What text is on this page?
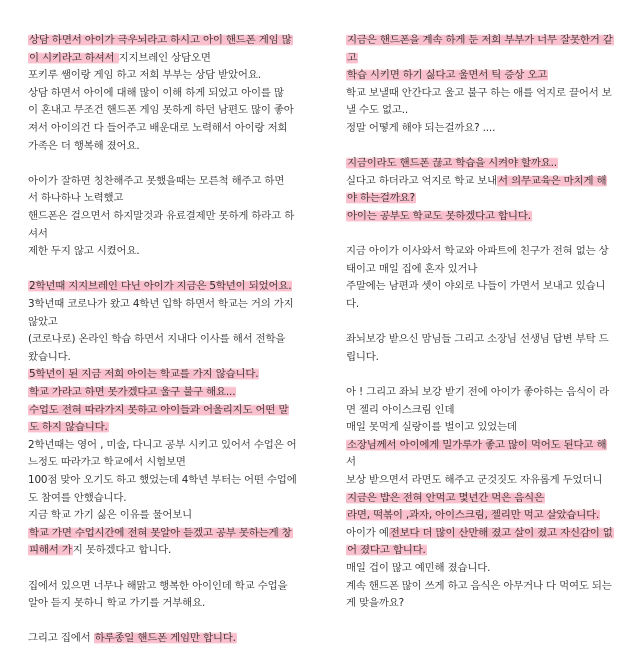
상담 하면서 아이가 극우뇌라고 하시고 아이 핸드폰 게임 많
이 시키라고 하셔서 지지브레인 상담오면
포키루 쌤이랑 게임 하고 저희 부부는 상담 받았어요.
상담 하면서 아이에 대해 많이 이해 하게 되었고 아이를 많
이 혼내고 무조건 핸드폰 게임 못하게 하던 남편도 많이 좋아
져서 아이의건 다 들어주고 배운대로 노력해서 아이랑 저희
가족은 더 행복해 졌어요.
아이가 잘하면 칭찬해주고 못했을때는 모른척 해주고 하면
서 하나하나 노력했고
핸드폰은 걸으면서 하지말것과 유료결제만 못하게 하라고 하
셔서
제한 두지 않고 시켰어요.
2학년때 지지브레인 다닌 아이가 지금은 5학년이 되었어요.
3학년때 코로나가 왔고 4학년 입학 하면서 학교는 거의 가지
않았고
(코로나로) 온라인 학습 하면서 지내다 이사를 해서 전학을
왔습니다.
5학년이 된 지금 저희 아이는 학교를 가지 않습니다.
학교 가라고 하면 못가겠다고 울구 불구 해요...
수업도 전혀 따라가지 못하고 아이들과 어울리지도 어떤 말
도 하지 않습니다.
2학년때는 영어 , 미술, 다니고 공부 시키고 있어서 수업은 어
느정도 따라가고 학교에서 시험보면
100점 맞아 오기도 하고 했었는데 4학년 부터는 어떤 수업에
도 참여를 안했습니다.
지금 학교 가기 싫은 이유를 물어보니
학교 가면 수업시간에 전혀 못알아 듣겠고 공부 못하는게 창
피해서 가지 못하겠다고 합니다.
집에서 있으면 너무나 해맑고 행복한 아이인데 학교 수업을
알아 듣지 못하니 학교 가기를 거부해요.
그리고 집에서 하루종일 핸드폰 게임만 합니다.
지금은 핸드폰을 계속 하게 둔 저희 부부가 너무 잘못한거 같
고
학습 시키면 하기 싫다고 울면서 틱 증상 오고
학교 보낼때 안간다고 울고 불구 하는 애를 억지로 끌어서 보
낼 수도 없고..
정말 어떻게 해야 되는걸까요? ....
지금이라도 핸드폰 끊고 학습을 시켜야 할까요..
실다고 하더라고 억지로 학교 보내서 의무교육은 마치게 해
야 하는걸까요?
아이는 공부도 학교도 못하겠다고 합니다.
지금 아이가 이사와서 학교와 아파트에 친구가 전혀 없는 상
태이고 매일 집에 혼자 있거나
주말에는 남편과 셋이 야외로 나들이 가면서 보내고 있습니
다.
좌뇌보강 받으신 맘님들 그리고 소장님 선생님 답변 부탁 드
립니다.
아 ! 그리고 좌뇌 보강 받기 전에 아이가 좋아하는 음식이 라
면 젤리 아이스크림 인데
매일 못먹게 실랑이를 벌이고 있었는데
소장님께서 아이에게 밀가루가 좋고 많이 먹어도 된다고 해
서
보상 받으면서 라면도 해주고 군것짓도 자유롭게 두었더니
지금은 밥은 전혀 안먹고 몇년간 먹은 음식은
라면, 떡볶이 ,과자, 아이스크림, 젤리만 먹고 살았습니다.
아이가 예전보다 더 많이 산만해 졌고 살이 졌고 자신감이 없
어 졌다고 합니다.
매일 겁이 많고 예민해 졌습니다.
계속 핸드폰 많이 쓰게 하고 음식은 아무거나 다 먹여도 되는
게 맞을까요?
